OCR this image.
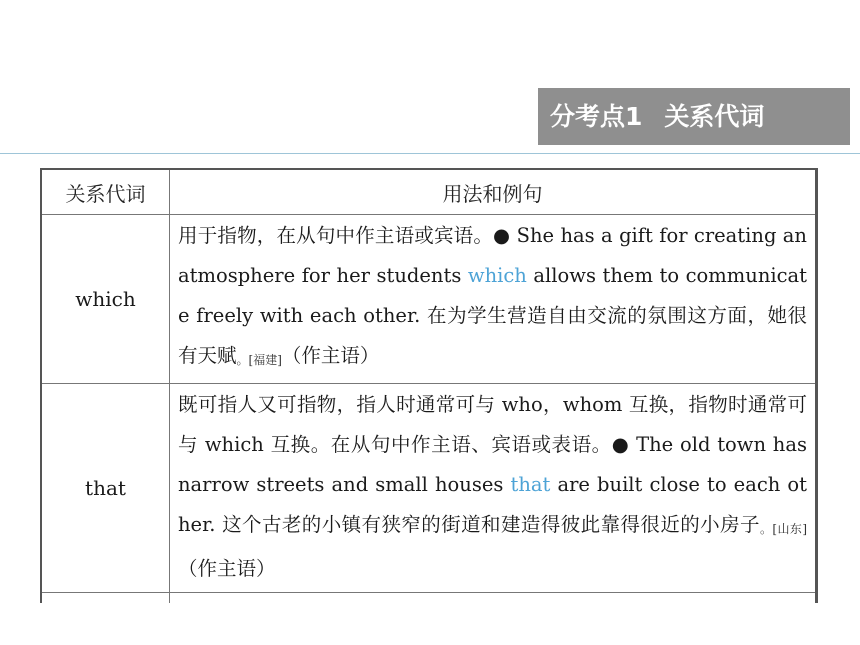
分考点1 关系代词
关系代词	用法和例句
which	用于指物，在从句中作主语或宾语。● She has a gift for creating an atmosphere for her students which allows them to communicate freely with each other. 在为学生营造自由交流的氛围这方面，她很有天赋。[福建]（作主语）
that	既可指人又可指物，指人时通常可与 who，whom 互换，指物时通常可与 which 互换。在从句中作主语、宾语或表语。● The old town has narrow streets and small houses that are built close to each other. 这个古老的小镇有狭窄的街道和建造得彼此靠得很近的小房子。[山东]（作主语）
